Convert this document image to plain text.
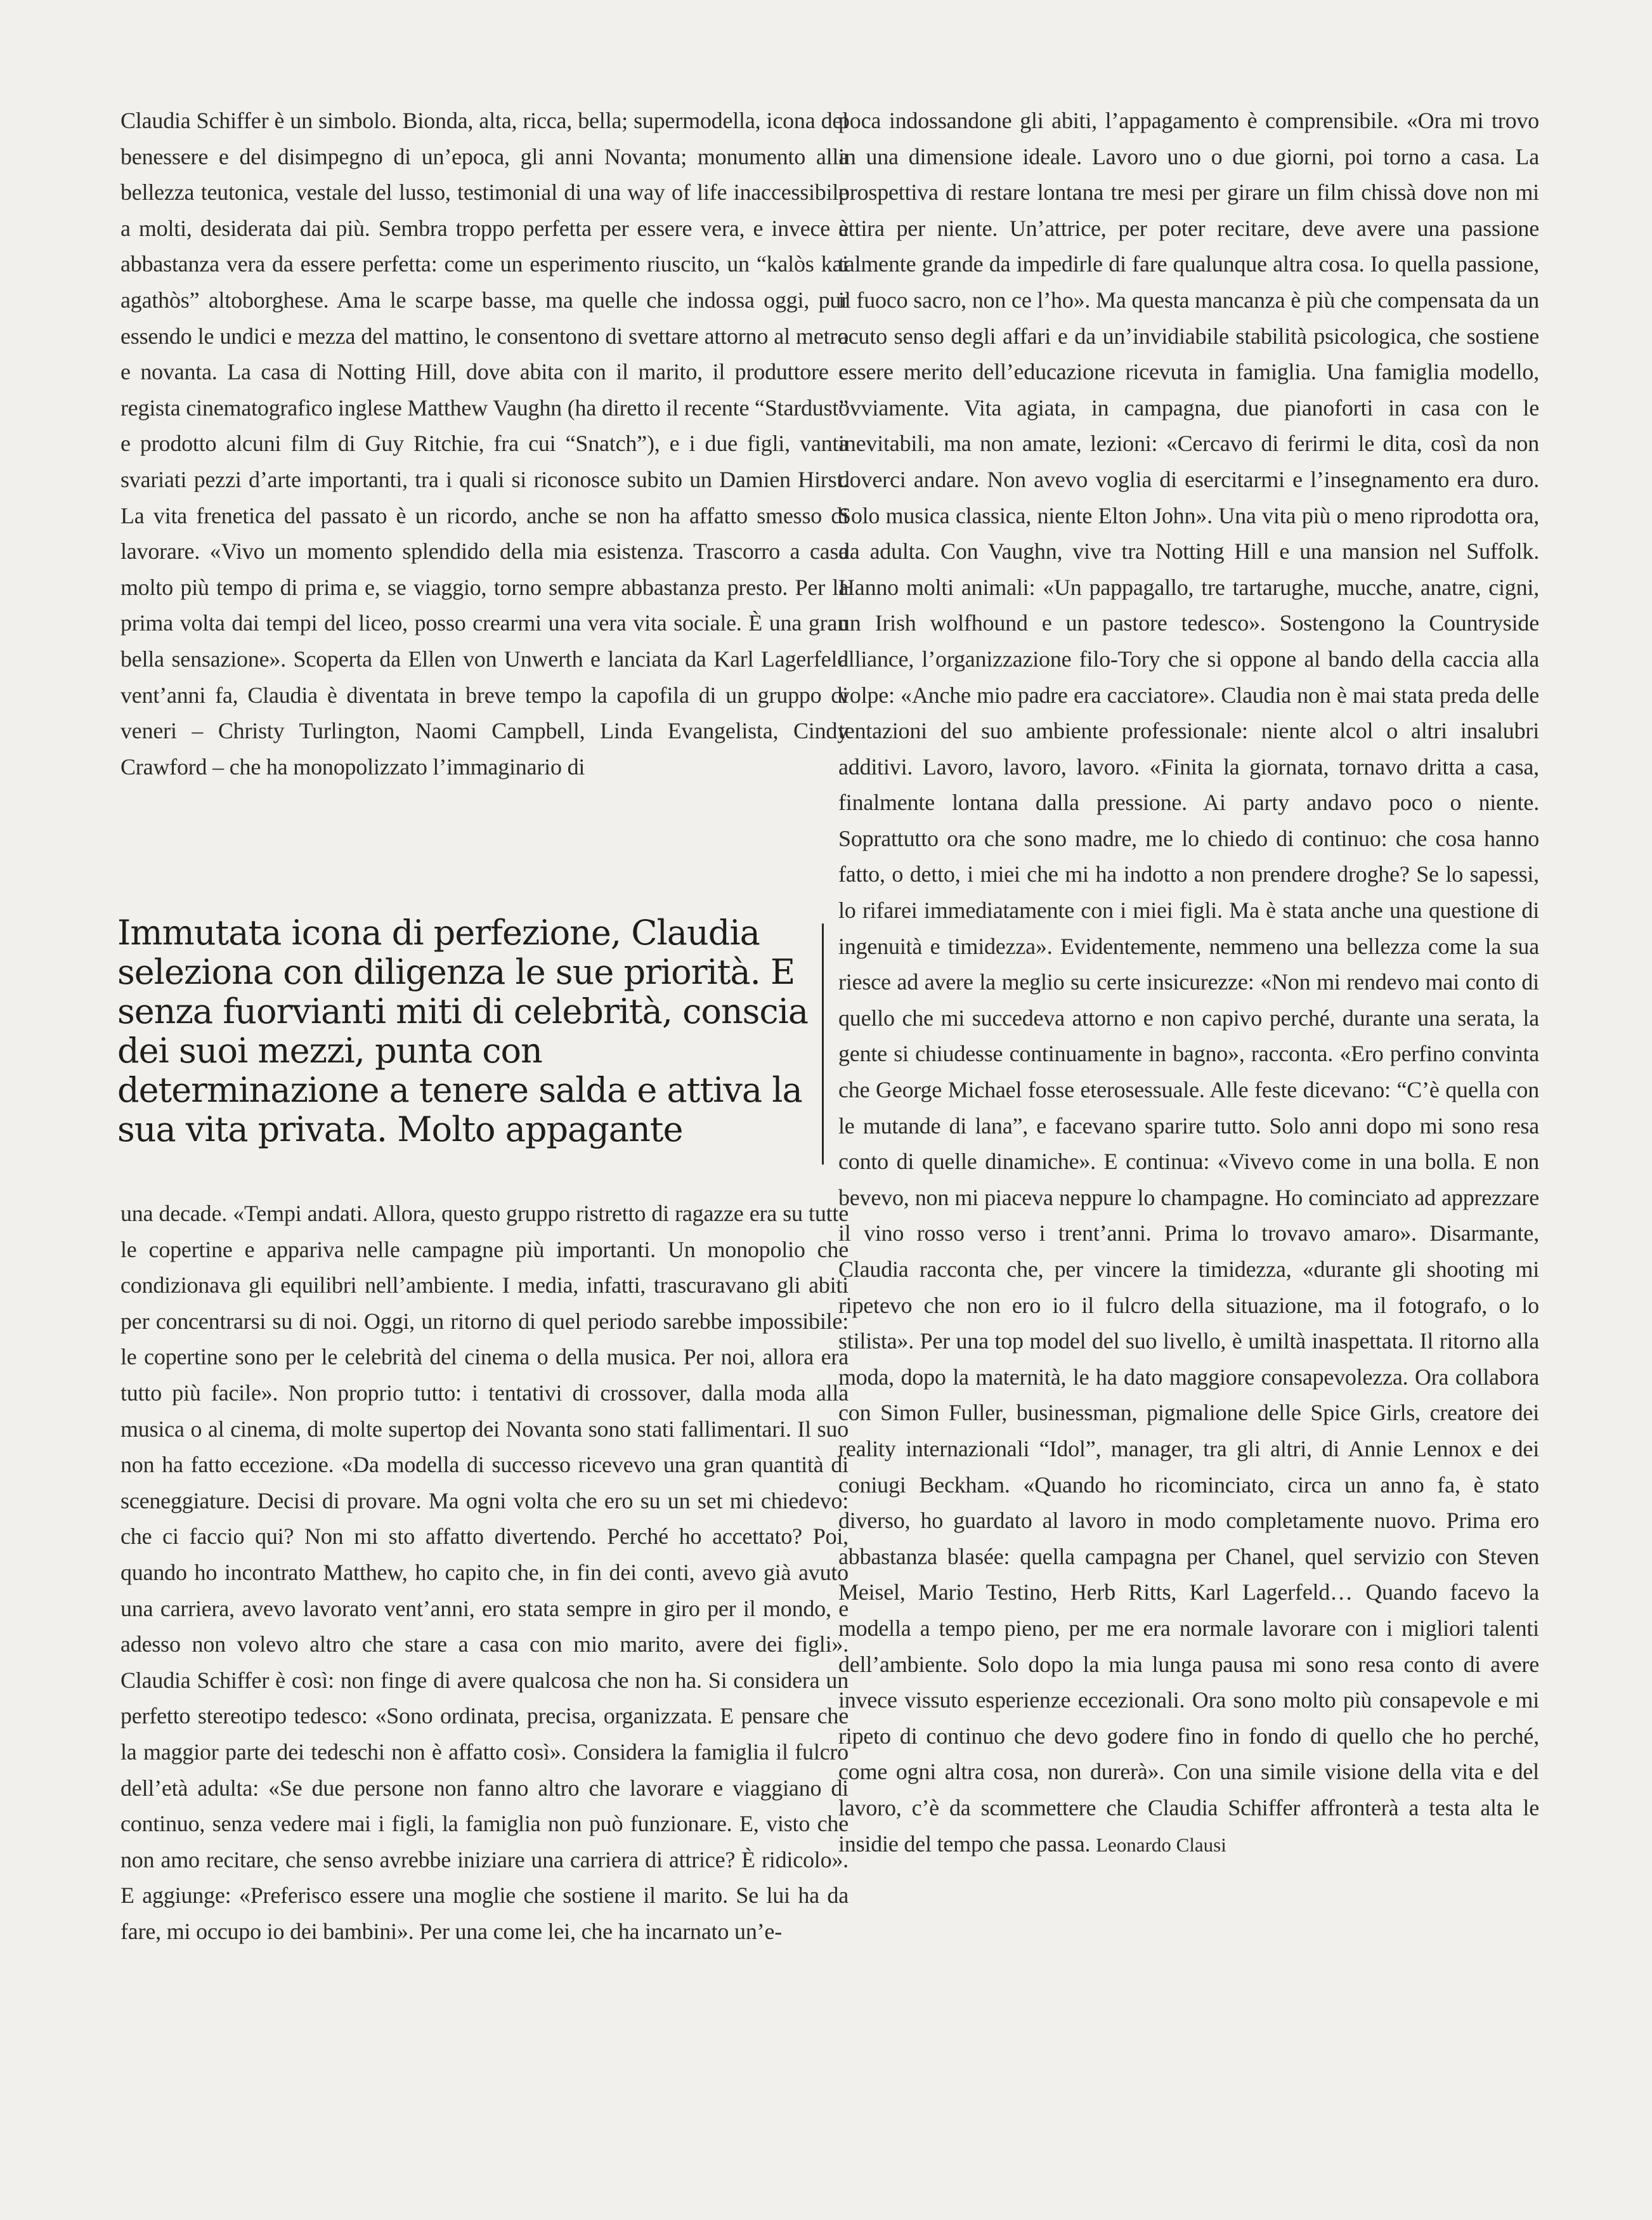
Claudia Schiffer è un simbolo. Bionda, alta, ricca, bella; supermodella, icona del benessere e del disimpegno di un’epoca, gli anni Novanta; monumento alla bellezza teutonica, vestale del lusso, testimonial di una way of life inaccessibile a molti, desiderata dai più. Sembra troppo perfetta per essere vera, e invece è abbastanza vera da essere perfetta: come un esperimento riuscito, un “kalòs kai agathòs” altoborghese. Ama le scarpe basse, ma quelle che indossa oggi, pur essendo le undici e mezza del mattino, le consentono di svettare attorno al metro e novanta. La casa di Notting Hill, dove abita con il marito, il produttore e regista cinematografico inglese Matthew Vaughn (ha diretto il recente “Stardust” e prodotto alcuni film di Guy Ritchie, fra cui “Snatch”), e i due figli, vanta svariati pezzi d’arte importanti, tra i quali si riconosce subito un Damien Hirst. La vita frenetica del passato è un ricordo, anche se non ha affatto smesso di lavorare. «Vivo un momento splendido della mia esistenza. Trascorro a casa molto più tempo di prima e, se viaggio, torno sempre abbastanza presto. Per la prima volta dai tempi del liceo, posso crearmi una vera vita sociale. È una gran bella sensazione». Scoperta da Ellen von Unwerth e lanciata da Karl Lagerfeld vent’anni fa, Claudia è diventata in breve tempo la capofila di un gruppo di veneri – Christy Turlington, Naomi Campbell, Linda Evangelista, Cindy Crawford – che ha monopolizzato l’immaginario di

Immutata icona di perfezione, Claudia seleziona con diligenza le sue priorità. E senza fuorvianti miti di celebrità, conscia dei suoi mezzi, punta con determinazione a tenere salda e attiva la sua vita privata. Molto appagante

una decade. «Tempi andati. Allora, questo gruppo ristretto di ragazze era su tutte le copertine e appariva nelle campagne più importanti. Un monopolio che condizionava gli equilibri nell’ambiente. I media, infatti, trascuravano gli abiti per concentrarsi su di noi. Oggi, un ritorno di quel periodo sarebbe impossibile: le copertine sono per le celebrità del cinema o della musica. Per noi, allora era tutto più facile». Non proprio tutto: i tentativi di crossover, dalla moda alla musica o al cinema, di molte supertop dei Novanta sono stati fallimentari. Il suo non ha fatto eccezione. «Da modella di successo ricevevo una gran quantità di sceneggiature. Decisi di provare. Ma ogni volta che ero su un set mi chiedevo: che ci faccio qui? Non mi sto affatto divertendo. Perché ho accettato? Poi, quando ho incontrato Matthew, ho capito che, in fin dei conti, avevo già avuto una carriera, avevo lavorato vent’anni, ero stata sempre in giro per il mondo, e adesso non volevo altro che stare a casa con mio marito, avere dei figli». Claudia Schiffer è così: non finge di avere qualcosa che non ha. Si considera un perfetto stereotipo tedesco: «Sono ordinata, precisa, organizzata. E pensare che la maggior parte dei tedeschi non è affatto così». Considera la famiglia il fulcro dell’età adulta: «Se due persone non fanno altro che lavorare e viaggiano di continuo, senza vedere mai i figli, la famiglia non può funzionare. E, visto che non amo recitare, che senso avrebbe iniziare una carriera di attrice? È ridicolo». E aggiunge: «Preferisco essere una moglie che sostiene il marito. Se lui ha da fare, mi occupo io dei bambini». Per una come lei, che ha incarnato un’e-

poca indossandone gli abiti, l’appagamento è comprensibile. «Ora mi trovo in una dimensione ideale. Lavoro uno o due giorni, poi torno a casa. La prospettiva di restare lontana tre mesi per girare un film chissà dove non mi attira per niente. Un’attrice, per poter recitare, deve avere una passione talmente grande da impedirle di fare qualunque altra cosa. Io quella passione, il fuoco sacro, non ce l’ho». Ma questa mancanza è più che compensata da un acuto senso degli affari e da un’invidiabile stabilità psicologica, che sostiene essere merito dell’educazione ricevuta in famiglia. Una famiglia modello, ovviamente. Vita agiata, in campagna, due pianoforti in casa con le inevitabili, ma non amate, lezioni: «Cercavo di ferirmi le dita, così da non doverci andare. Non avevo voglia di esercitarmi e l’insegnamento era duro. Solo musica classica, niente Elton John». Una vita più o meno riprodotta ora, da adulta. Con Vaughn, vive tra Notting Hill e una mansion nel Suffolk. Hanno molti animali: «Un pappagallo, tre tartarughe, mucche, anatre, cigni, un Irish wolfhound e un pastore tedesco». Sostengono la Countryside alliance, l’organizzazione filo-Tory che si oppone al bando della caccia alla volpe: «Anche mio padre era cacciatore». Claudia non è mai stata preda delle tentazioni del suo ambiente professionale: niente alcol o altri insalubri additivi. Lavoro, lavoro, lavoro. «Finita la giornata, tornavo dritta a casa, finalmente lontana dalla pressione. Ai party andavo poco o niente. Soprattutto ora che sono madre, me lo chiedo di continuo: che cosa hanno fatto, o detto, i miei che mi ha indotto a non prendere droghe? Se lo sapessi, lo rifarei immediatamente con i miei figli. Ma è stata anche una questione di ingenuità e timidezza». Evidentemente, nemmeno una bellezza come la sua riesce ad avere la meglio su certe insicurezze: «Non mi rendevo mai conto di quello che mi succedeva attorno e non capivo perché, durante una serata, la gente si chiudesse continuamente in bagno», racconta. «Ero perfino convinta che George Michael fosse eterosessuale. Alle feste dicevano: “C’è quella con le mutande di lana”, e facevano sparire tutto. Solo anni dopo mi sono resa conto di quelle dinamiche». E continua: «Vivevo come in una bolla. E non bevevo, non mi piaceva neppure lo champagne. Ho cominciato ad apprezzare il vino rosso verso i trent’anni. Prima lo trovavo amaro». Disarmante, Claudia racconta che, per vincere la timidezza, «durante gli shooting mi ripetevo che non ero io il fulcro della situazione, ma il fotografo, o lo stilista». Per una top model del suo livello, è umiltà inaspettata. Il ritorno alla moda, dopo la maternità, le ha dato maggiore consapevolezza. Ora collabora con Simon Fuller, businessman, pigmalione delle Spice Girls, creatore dei reality internazionali “Idol”, manager, tra gli altri, di Annie Lennox e dei coniugi Beckham. «Quando ho ricominciato, circa un anno fa, è stato diverso, ho guardato al lavoro in modo completamente nuovo. Prima ero abbastanza blasée: quella campagna per Chanel, quel servizio con Steven Meisel, Mario Testino, Herb Ritts, Karl Lagerfeld… Quando facevo la modella a tempo pieno, per me era normale lavorare con i migliori talenti dell’ambiente. Solo dopo la mia lunga pausa mi sono resa conto di avere invece vissuto esperienze eccezionali. Ora sono molto più consapevole e mi ripeto di continuo che devo godere fino in fondo di quello che ho perché, come ogni altra cosa, non durerà». Con una simile visione della vita e del lavoro, c’è da scommettere che Claudia Schiffer affronterà a testa alta le insidie del tempo che passa. Leonardo Clausi
